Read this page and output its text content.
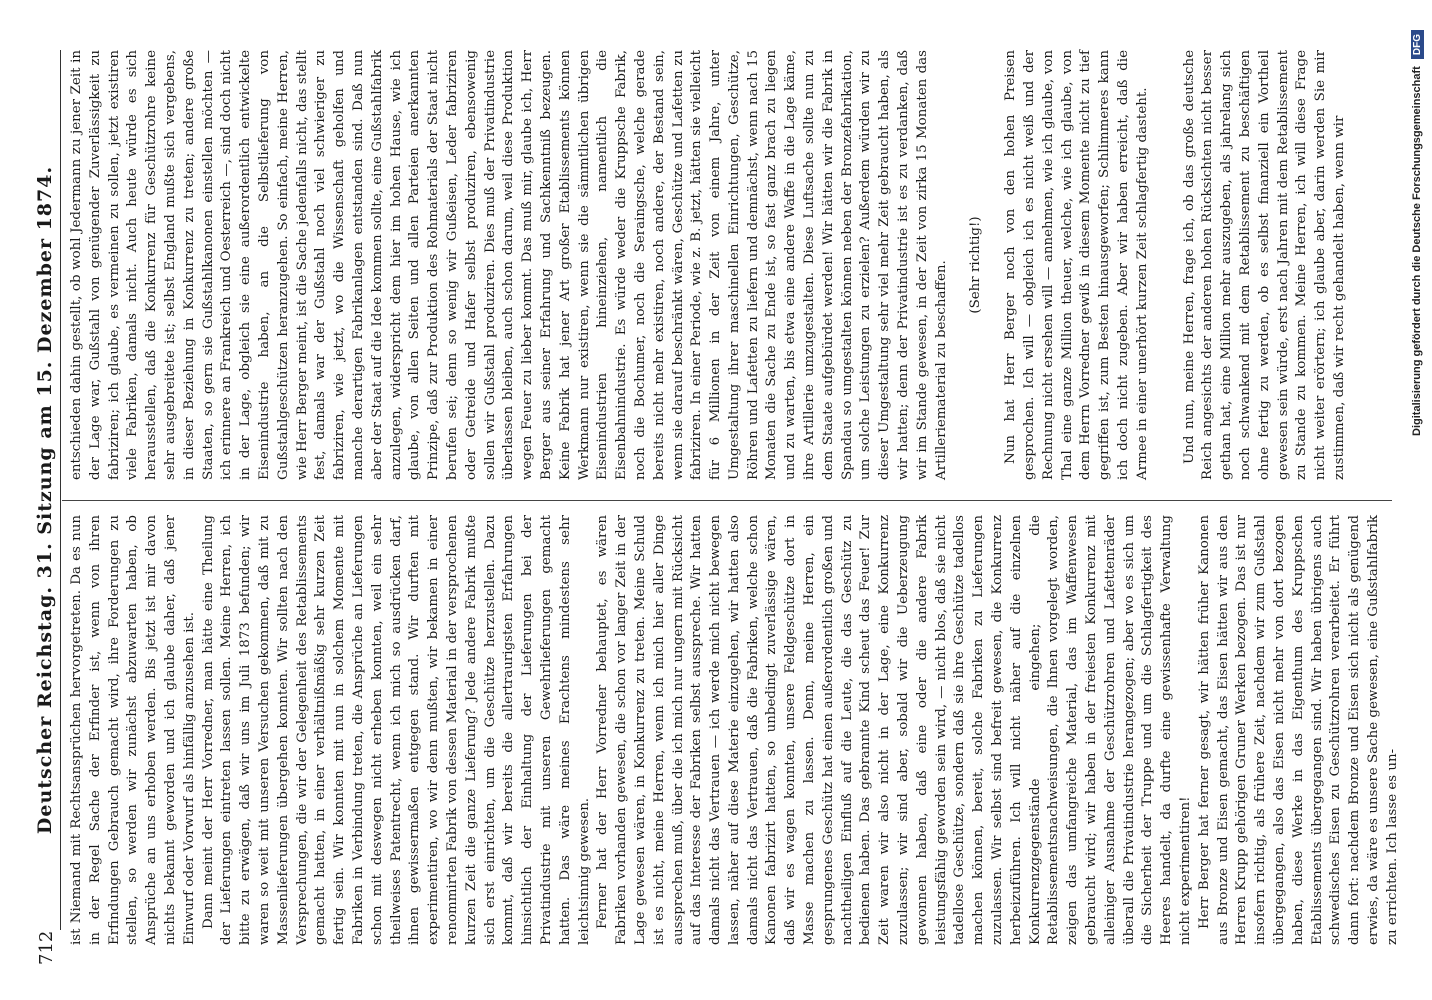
712
Deutscher Reichstag. 31. Sitzung am 15. Dezember 1874. ist Niemand mit Rechtsansprüchen hervorgetreten. Da es nun in der Regel Sache der Erfinder ist, wenn von ihren Erfindungen Gebrauch gemacht wird, ihre Forderungen zu stellen, so werden wir zunächst abzuwarten haben, ob Ansprüche an uns erhoben werden. Bis jetzt ist mir davon nichts bekannt geworden und ich glaube daher, daß jener Einwurf oder Vorwurf als hinfällig anzusehen ist. Dann meint der Herr Vorredner, man hätte eine Theilung der Lieferungen eintreten lassen sollen. Meine Herren, ich bitte zu erwägen, daß wir uns im Juli 1873 befunden; wir waren so weit mit unseren Versuchen gekommen, daß mit zu Massenlieferungen übergehen konnten. Wir sollten nach den Versprechungen, die wir der Gelegenheit des Retablissements gemacht hatten, in einer verhältnißmäßig sehr kurzen Zeit fertig sein. Wir konnten mit nun in solchem Momente mit Fabriken in Verbindung treten, die Ansprüche an Lieferungen schon mit deswegen nicht erheben konnten, weil ein sehr theilweises Patentrecht, wenn ich mich so ausdrücken darf, ihnen gewissermaßen entgegen stand. Wir durften mit experimentiren, wo wir denn mußten, wir bekamen in einer renommirten Fabrik von dessen Material in der versprochenen kurzen Zeit die ganze Lieferung? Jede andere Fabrik mußte sich erst einrichten, um die Geschütze herzustellen. Dazu kommt, daß wir bereits die allertraurigsten Erfahrungen hinsichtlich der Einhaltung der Lieferungen bei der Privatindustrie mit unseren Gewehrlieferungen gemacht hatten. Das wäre meines Erachtens mindestens sehr leichtsinnig gewesen. Ferner hat der Herr Vorredner behauptet, es wären Fabriken vorhanden gewesen, die schon vor langer Zeit in der Lage gewesen wären, in Konkurrenz zu treten. Meine Schuld ist es nicht, meine Herren, wenn ich mich hier aller Dinge aussprechen muß, über die ich mich nur ungern mit Rücksicht auf das Interesse der Fabriken selbst ausspreche. Wir hatten damals nicht das Vertrauen — ich werde mich nicht bewegen lassen, näher auf diese Materie einzugehen, wir hatten also damals nicht das Vertrauen, daß die Fabriken, welche schon Kanonen fabrizirt hatten, so unbedingt zuverlässige wären, daß wir es wagen konnten, unsere Feldgeschütze dort in Masse machen zu lassen. Denn, meine Herren, ein gesprungenes Geschütz hat einen außerordentlich großen und nachtheiligen Einfluß auf die Leute, die das Geschütz zu bedienen haben. Das gebrannte Kind scheut das Feuer! Zur Zeit waren wir also nicht in der Lage, eine Konkurrenz zuzulassen; wir sind aber, sobald wir die Ueberzeugung gewonnen haben, daß eine oder die andere Fabrik leistungsfähig geworden sein wird, — nicht blos, daß sie nicht tadellose Geschütze, sondern daß sie ihre Geschütze tadellos machen können, bereit, solche Fabriken zu Lieferungen zuzulassen. Wir selbst sind befreit gewesen, die Konkurrenz herbeizuführen. Ich will nicht näher auf die einzelnen Konkurrenzgegenstände eingehen; die Retablissementsnachweisungen, die Ihnen vorgelegt worden, zeigen das umfangreiche Material, das im Waffenwesen gebraucht wird; wir haben in der freiesten Konkurrenz mit alleiniger Ausnahme der Geschützrohren und Lafettenräder überall die Privatindustrie herangezogen; aber wo es sich um die Sicherheit der Truppe und um die Schlagfertigkeit des Heeres handelt, da durfte eine gewissenhafte Verwaltung nicht experimentiren! Herr Berger hat ferner gesagt, wir hätten früher Kanonen aus Bronze und Eisen gemacht, das Eisen hätten wir aus den Herren Krupp gehörigen Gruner Werken bezogen. Das ist nur insofern richtig, als frühere Zeit, nachdem wir zum Gußstahl übergegangen, also das Eisen nicht mehr von dort bezogen haben, diese Werke in das Eigenthum des Kruppschen Etablissements übergegangen sind. Wir haben übrigens auch schwedisches Eisen zu Geschützrohren verarbeitet. Er führt dann fort: nachdem Bronze und Eisen sich nicht als genügend erwies, da wäre es unsere Sache gewesen, eine Gußstahlfabrik zu errichten. Ich lasse es un-

entschieden dahin gestellt, ob wohl Jedermann zu jener Zeit in der Lage war, Gußstahl von genügender Zuverlässigkeit zu fabriziren; ich glaube, es vermeinen zu sollen, jetzt existiren viele Fabriken, damals nicht. Auch heute würde es sich herausstellen, daß die Konkurrenz für Geschützrohre keine sehr ausgebreitete ist; selbst England mußte sich vergebens, in dieser Beziehung in Konkurrenz zu treten; andere große Staaten, so gern sie Gußstahlkanonen einstellen möchten — ich erinnere an Frankreich und Oesterreich —, sind doch nicht in der Lage, obgleich sie eine außerordentlich entwickelte Eisenindustrie haben, an die Selbstlieferung von Gußstahlgeschützen heranzugehen. So einfach, meine Herren, wie Herr Berger meint, ist die Sache jedenfalls nicht, das stellt fest, damals war der Gußstahl noch viel schwieriger zu fabriziren, wie jetzt, wo die Wissenschaft geholfen und manche derartigen Fabrikanlagen entstanden sind. Daß nun aber der Staat auf die Idee kommen sollte, eine Gußstahlfabrik anzulegen, widerspricht dem hier im hohen Hause, wie ich glaube, von allen Seiten und allen Parteien anerkannten Prinzipe, daß zur Produktion des Rohmaterials der Staat nicht berufen sei; denn so wenig wir Gußeisen, Leder fabriziren oder Getreide und Hafer selbst produziren, ebensowenig sollen wir Gußstahl produziren. Dies muß der Privatindustrie überlassen bleiben, auch schon darum, weil diese Produktion wegen Feuer zu lieber kommt. Das muß mir, glaube ich, Herr Berger aus seiner Erfahrung und Sachkenntniß bezeugen. Keine Fabrik hat jener Art großer Etablissements können Werkmann nur existiren, wenn sie die sämmtlichen übrigen Eisenindustrien hineinziehen, namentlich die Eisenbahnindustrie. Es würde weder die Kruppsche Fabrik, noch die Bochumer, noch die Seraingsche, welche gerade bereits nicht mehr existiren, noch andere, der Bestand sein, wenn sie darauf beschränkt wären, Geschütze und Lafetten zu fabriziren. In einer Periode, wie z. B. jetzt, hätten sie vielleicht für 6 Millionen in der Zeit von einem Jahre, unter Umgestaltung ihrer maschinellen Einrichtungen, Geschütze, Röhren und Lafetten zu liefern und demnächst, wenn nach 15 Monaten die Sache zu Ende ist, so fast ganz brach zu liegen und zu warten, bis etwa eine andere Waffe in die Lage käme, ihre Artillerie umzugestalten. Diese Luftsache sollte nun zu dem Staate aufgebürdet werden! Wir hätten wir die Fabrik in Spandau so umgestalten können neben der Bronzefabrikation, um solche Leistungen zu erzielen? Außerdem würden wir zu dieser Umgestaltung sehr viel mehr Zeit gebraucht haben, als wir hatten; denn der Privatindustrie ist es zu verdanken, daß wir im Stande gewesen, in der Zeit von zirka 15 Monaten das Artilleriematerial zu beschaffen. (Sehr richtig!) Nun hat Herr Berger noch von den hohen Preisen gesprochen. Ich will — obgleich ich es nicht weiß und der Rechnung nicht ersehen will — annehmen, wie ich glaube, von Thal eine ganze Million theuer, welche, wie ich glaube, von dem Herrn Vorredner gewiß in diesem Momente nicht zu tief gegriffen ist, zum Besten hinausgeworfen; Schlimmeres kann ich doch nicht zugeben. Aber wir haben erreicht, daß die Armee in einer unerhört kurzen Zeit schlagfertig dasteht. Und nun, meine Herren, frage ich, ob das große deutsche Reich angesichts der anderen hohen Rücksichten nicht besser gethan hat, eine Million mehr auszugeben, als jahrelang sich noch schwankend mit dem Retablissement zu beschäftigen ohne fertig zu werden, ob es selbst finanziell ein Vortheil gewesen sein würde, erst nach Jahren mit dem Retablissement zu Stande zu kommen. Meine Herren, ich will diese Frage nicht weiter erörtern; ich glaube aber, darin werden Sie mir zustimmen, daß wir recht gehandelt haben, wenn wir	Digitalisierung gefördert durch die Deutsche Forschungsgemeinschaft DFG
